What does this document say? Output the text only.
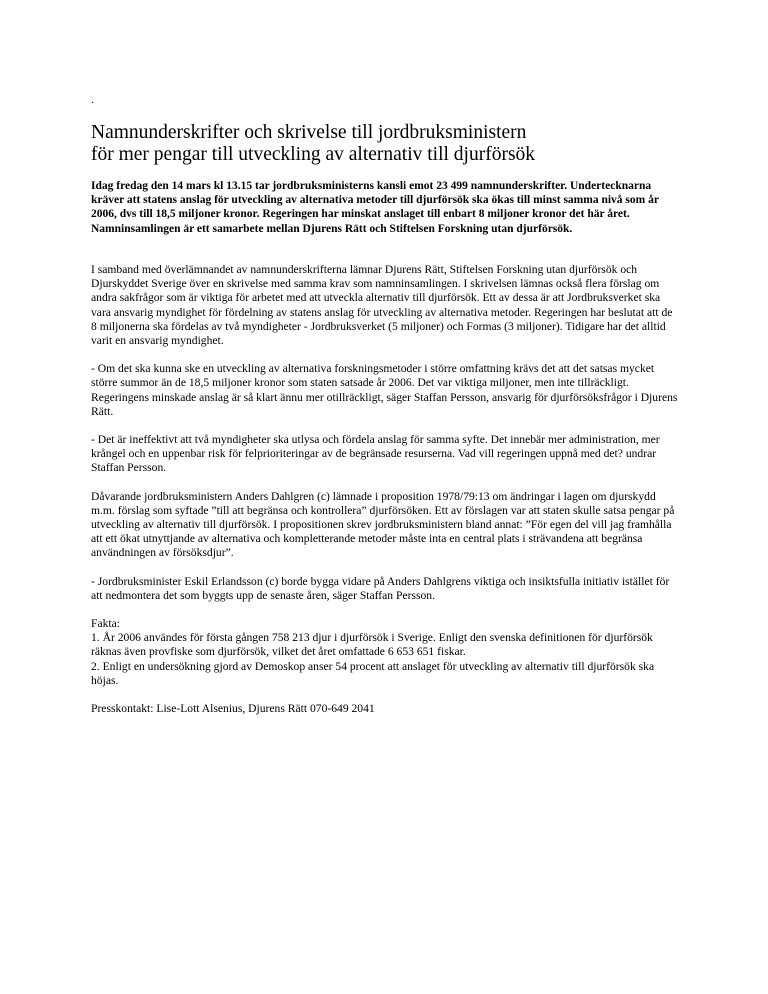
.
Namnunderskrifter och skrivelse till jordbruksministern
för mer pengar till utveckling av alternativ till djurförsök

Idag fredag den 14 mars kl 13.15 tar jordbruksministerns kansli emot 23 499 namnunderskrifter. Undertecknarna kräver att statens anslag för utveckling av alternativa metoder till djurförsök ska ökas till minst samma nivå som år 2006, dvs till 18,5 miljoner kronor. Regeringen har minskat anslaget till enbart 8 miljoner kronor det här året. Namninsamlingen är ett samarbete mellan Djurens Rätt och Stiftelsen Forskning utan djurförsök.

I samband med överlämnandet av namnunderskrifterna lämnar Djurens Rätt, Stiftelsen Forskning utan djurförsök och Djurskyddet Sverige över en skrivelse med samma krav som namninsamlingen. I skrivelsen lämnas också flera förslag om andra sakfrågor som är viktiga för arbetet med att utveckla alternativ till djurförsök. Ett av dessa är att Jordbruksverket ska vara ansvarig myndighet för fördelning av statens anslag för utveckling av alternativa metoder. Regeringen har beslutat att de 8 miljonerna ska fördelas av två myndigheter - Jordbruksverket (5 miljoner) och Formas (3 miljoner). Tidigare har det alltid varit en ansvarig myndighet.

- Om det ska kunna ske en utveckling av alternativa forskningsmetoder i större omfattning krävs det att det satsas mycket större summor än de 18,5 miljoner kronor som staten satsade år 2006. Det var viktiga miljoner, men inte tillräckligt. Regeringens minskade anslag är så klart ännu mer otillräckligt, säger Staffan Persson, ansvarig för djurförsöksfrågor i Djurens Rätt.

- Det är ineffektivt att två myndigheter ska utlysa och fördela anslag för samma syfte. Det innebär mer administration, mer krångel och en uppenbar risk för felprioriteringar av de begränsade resurserna. Vad vill regeringen uppnå med det? undrar Staffan Persson.

Dåvarande jordbruksministern Anders Dahlgren (c) lämnade i proposition 1978/79:13 om ändringar i lagen om djurskydd m.m. förslag som syftade ”till att begränsa och kontrollera” djurförsöken. Ett av förslagen var att staten skulle satsa pengar på utveckling av alternativ till djurförsök. I propositionen skrev jordbruksministern bland annat: ”För egen del vill jag framhålla att ett ökat utnyttjande av alternativa och kompletterande metoder måste inta en central plats i strävandena att begränsa användningen av försöksdjur”.

- Jordbruksminister Eskil Erlandsson (c) borde bygga vidare på Anders Dahlgrens viktiga och insiktsfulla initiativ istället för att nedmontera det som byggts upp de senaste åren, säger Staffan Persson.

Fakta:
1. År 2006 användes för första gången 758 213 djur i djurförsök i Sverige. Enligt den svenska definitionen för djurförsök räknas även provfiske som djurförsök, vilket det året omfattade 6 653 651 fiskar.
2. Enligt en undersökning gjord av Demoskop anser 54 procent att anslaget för utveckling av alternativ till djurförsök ska höjas.

Presskontakt: Lise-Lott Alsenius, Djurens Rätt 070-649 2041
